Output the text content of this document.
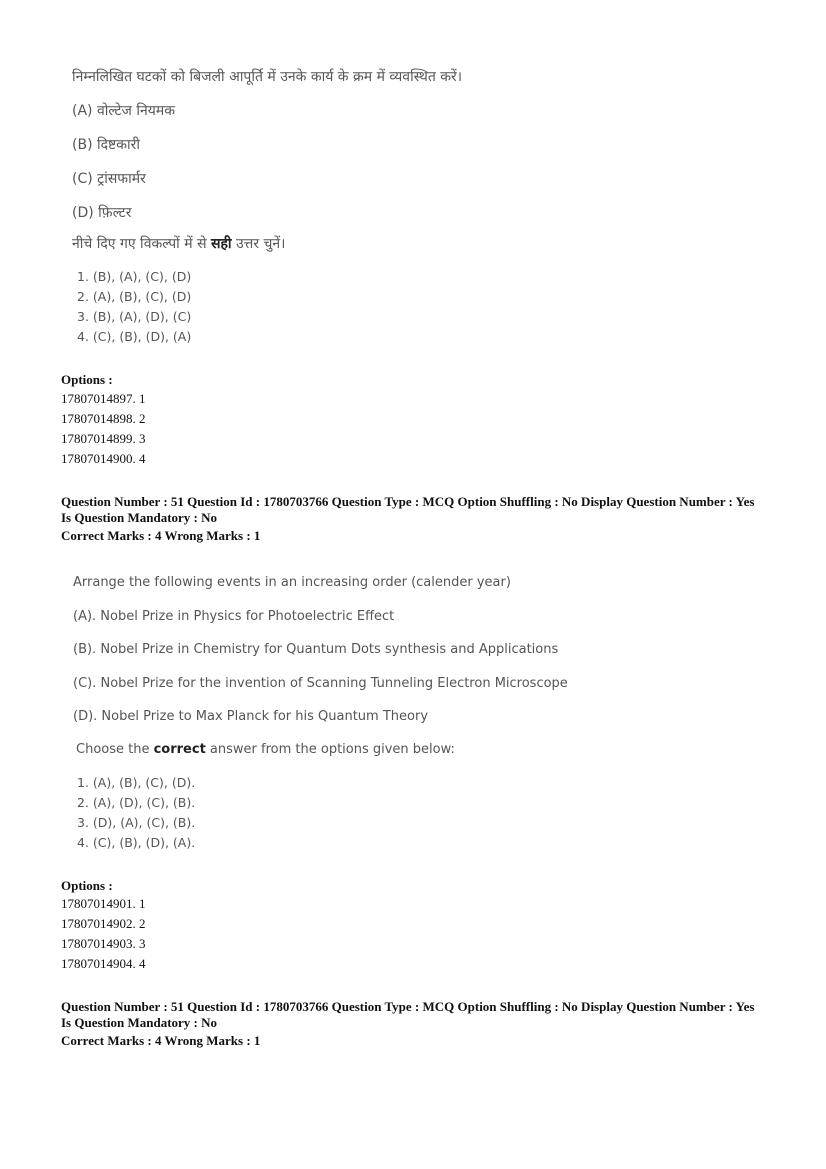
निम्नलिखित घटकों को बिजली आपूर्ति में उनके कार्य के क्रम में व्यवस्थित करें।
(A) वोल्टेज नियमक
(B) दिष्टकारी
(C) ट्रांसफार्मर
(D) फ़िल्टर
नीचे दिए गए विकल्पों में से सही उत्तर चुनें।
1. (B), (A), (C), (D)
2. (A), (B), (C), (D)
3. (B), (A), (D), (C)
4. (C), (B), (D), (A)
Options :
17807014897. 1
17807014898. 2
17807014899. 3
17807014900. 4
Question Number : 51 Question Id : 1780703766 Question Type : MCQ Option Shuffling : No Display Question Number : Yes
Is Question Mandatory : No
Correct Marks : 4 Wrong Marks : 1
Arrange the following events in an increasing order (calender year)
(A). Nobel Prize in Physics for Photoelectric Effect
(B). Nobel Prize in Chemistry for Quantum Dots synthesis and Applications
(C). Nobel Prize for the invention of Scanning Tunneling Electron Microscope
(D). Nobel Prize to Max Planck for his Quantum Theory
Choose the correct answer from the options given below:
1. (A), (B), (C), (D).
2. (A), (D), (C), (B).
3. (D), (A), (C), (B).
4. (C), (B), (D), (A).
Options :
17807014901. 1
17807014902. 2
17807014903. 3
17807014904. 4
Question Number : 51 Question Id : 1780703766 Question Type : MCQ Option Shuffling : No Display Question Number : Yes
Is Question Mandatory : No
Correct Marks : 4 Wrong Marks : 1
